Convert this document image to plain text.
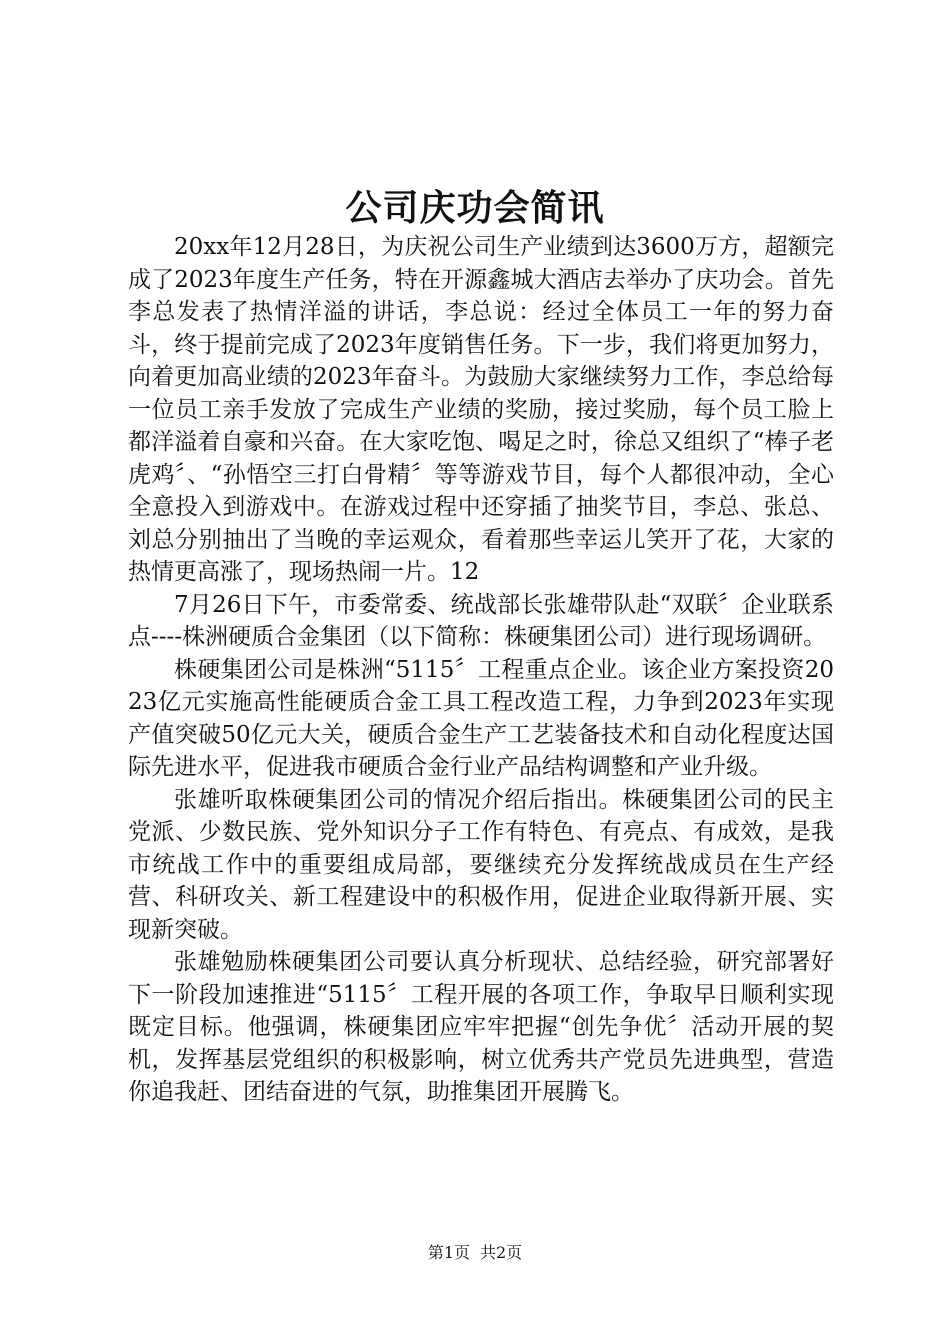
公司庆功会简讯

20xx年12月28日，为庆祝公司生产业绩到达3600万方，超额完成了2023年度生产任务，特在开源鑫城大酒店去举办了庆功会。首先李总发表了热情洋溢的讲话，李总说：经过全体员工一年的努力奋斗，终于提前完成了2023年度销售任务。下一步，我们将更加努力，向着更加高业绩的2023年奋斗。为鼓励大家继续努力工作，李总给每一位员工亲手发放了完成生产业绩的奖励，接过奖励，每个员工脸上都洋溢着自豪和兴奋。在大家吃饱、喝足之时，徐总又组织了“棒子老虎鸡〞、“孙悟空三打白骨精〞等等游戏节目，每个人都很冲动，全心全意投入到游戏中。在游戏过程中还穿插了抽奖节目，李总、张总、刘总分别抽出了当晚的幸运观众，看着那些幸运儿笑开了花，大家的热情更高涨了，现场热闹一片。12

7月26日下午，市委常委、统战部长张雄带队赴“双联〞企业联系点----株洲硬质合金集团（以下简称：株硬集团公司）进行现场调研。

株硬集团公司是株洲“5115〞工程重点企业。该企业方案投资2023亿元实施高性能硬质合金工具工程改造工程，力争到2023年实现产值突破50亿元大关，硬质合金生产工艺装备技术和自动化程度达国际先进水平，促进我市硬质合金行业产品结构调整和产业升级。

张雄听取株硬集团公司的情况介绍后指出。株硬集团公司的民主党派、少数民族、党外知识分子工作有特色、有亮点、有成效，是我市统战工作中的重要组成局部，要继续充分发挥统战成员在生产经营、科研攻关、新工程建设中的积极作用，促进企业取得新开展、实现新突破。

张雄勉励株硬集团公司要认真分析现状、总结经验，研究部署好下一阶段加速推进“5115〞工程开展的各项工作，争取早日顺利实现既定目标。他强调，株硬集团应牢牢把握“创先争优〞活动开展的契机，发挥基层党组织的积极影响，树立优秀共产党员先进典型，营造你追我赶、团结奋进的气氛，助推集团开展腾飞。

第1页 共2页
